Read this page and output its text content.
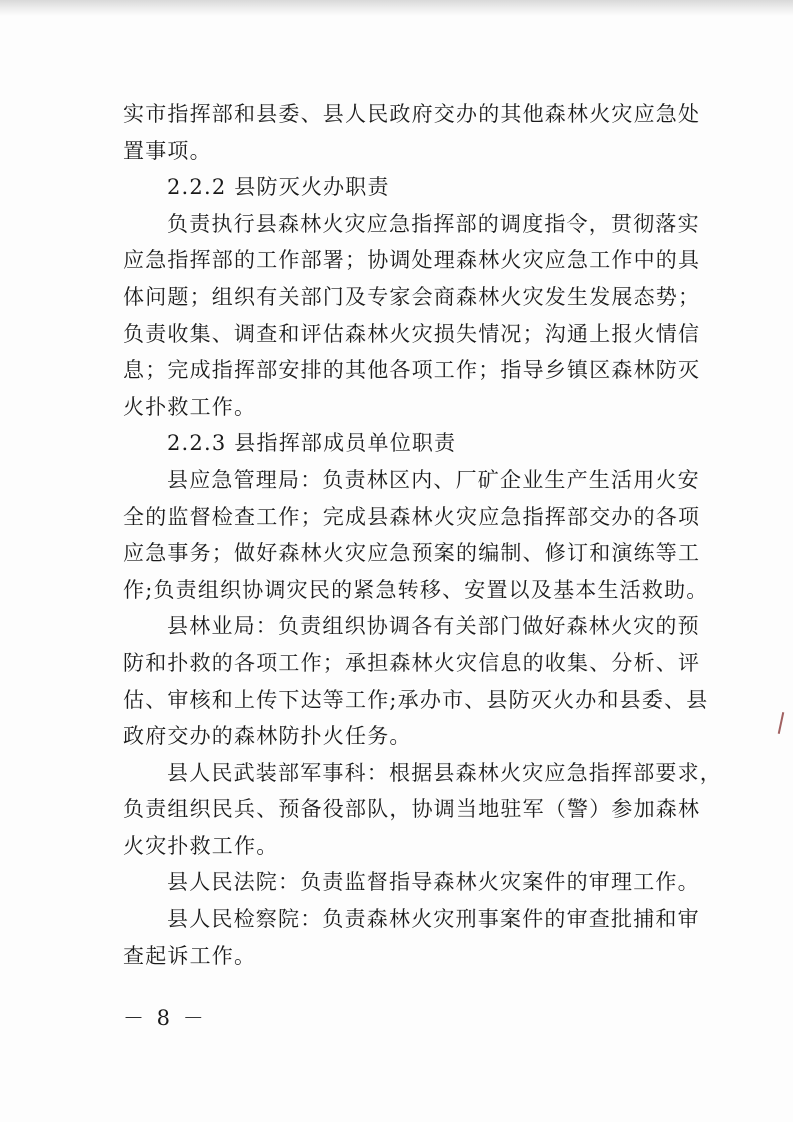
实市指挥部和县委、县人民政府交办的其他森林火灾应急处
置事项。
2.2.2 县防灭火办职责
负责执行县森林火灾应急指挥部的调度指令，贯彻落实
应急指挥部的工作部署；协调处理森林火灾应急工作中的具
体问题；组织有关部门及专家会商森林火灾发生发展态势；
负责收集、调查和评估森林火灾损失情况；沟通上报火情信
息；完成指挥部安排的其他各项工作；指导乡镇区森林防灭
火扑救工作。
2.2.3 县指挥部成员单位职责
县应急管理局：负责林区内、厂矿企业生产生活用火安
全的监督检查工作；完成县森林火灾应急指挥部交办的各项
应急事务；做好森林火灾应急预案的编制、修订和演练等工
作;负责组织协调灾民的紧急转移、安置以及基本生活救助。
县林业局：负责组织协调各有关部门做好森林火灾的预
防和扑救的各项工作；承担森林火灾信息的收集、分析、评
估、审核和上传下达等工作;承办市、县防灭火办和县委、县
政府交办的森林防扑火任务。
县人民武装部军事科：根据县森林火灾应急指挥部要求，
负责组织民兵、预备役部队，协调当地驻军（警）参加森林
火灾扑救工作。
县人民法院：负责监督指导森林火灾案件的审理工作。
县人民检察院：负责森林火灾刑事案件的审查批捕和审
查起诉工作。
－ 8 －
